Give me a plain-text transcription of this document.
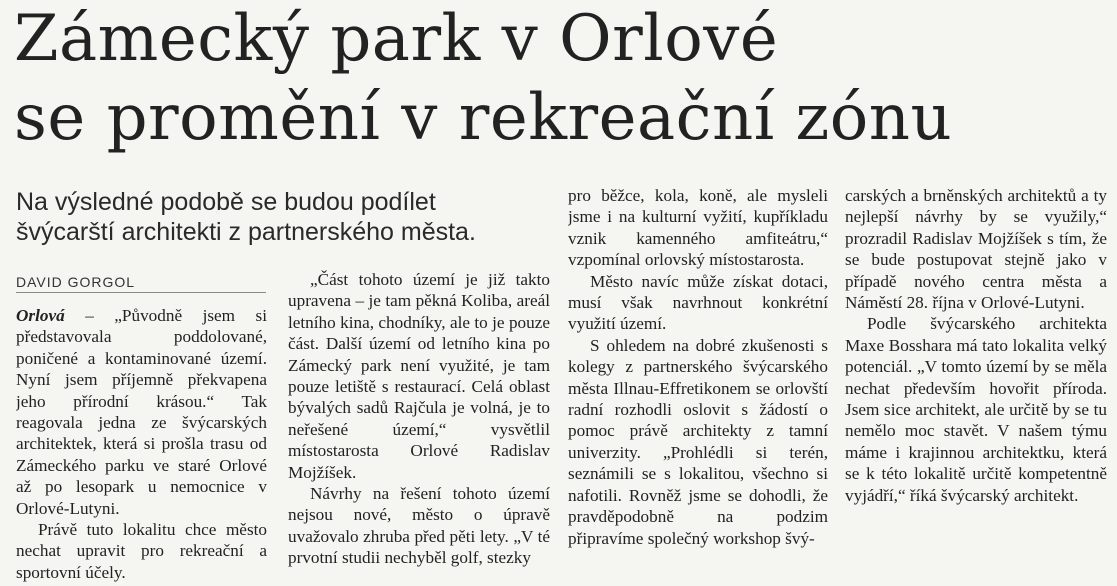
Zámecký park v Orlové
se promění v rekreační zónu
Na výsledné podobě se budou podílet
švýcarští architekti z partnerského města.
DAVID GORGOL

Orlová – „Původně jsem si představovala poddolované, poničené a kontaminované území. Nyní jsem příjemně překvapena jeho přírodní krásou.“ Tak reagovala jedna ze švýcarských architektek, která si prošla trasu od Zámeckého parku ve staré Orlové až po lesopark u nemocnice v Orlové-Lutyni.

Právě tuto lokalitu chce město nechat upravit pro rekreační a sportovní účely.

„Část tohoto území je již takto upravena – je tam pěkná Koliba, areál letního kina, chodníky, ale to je pouze část. Další území od letního kina po Zámecký park není využité, je tam pouze letiště s restaurací. Celá oblast bývalých sadů Rajčula je volná, je to neřešené území,“ vysvětlil místostarosta Orlové Radislav Mojžíšek.

Návrhy na řešení tohoto území nejsou nové, město o úpravě uvažovalo zhruba před pěti lety. „V té prvotní studii nechyběl golf, stezky

pro běžce, kola, koně, ale mysleli jsme i na kulturní vyžití, kupříkladu vznik kamenného amfiteátru,“ vzpomínal orlovský místostarosta.

Město navíc může získat dotaci, musí však navrhnout konkrétní využití území.

S ohledem na dobré zkušenosti s kolegy z partnerského švýcarského města Illnau-Effretikonem se orlovští radní rozhodli oslovit s žádostí o pomoc právě architekty z tamní univerzity. „Prohlédli si terén, seznámili se s lokalitou, všechno si nafotili. Rovněž jsme se dohodli, že pravděpodobně na podzim připravíme společný workshop švý-

carských a brněnských architektů a ty nejlepší návrhy by se využily,“ prozradil Radislav Mojžíšek s tím, že se bude postupovat stejně jako v případě nového centra města a Náměstí 28. října v Orlové-Lutyni.

Podle švýcarského architekta Maxe Bosshara má tato lokalita velký potenciál. „V tomto území by se měla nechat především hovořit příroda. Jsem sice architekt, ale určitě by se tu nemělo moc stavět. V našem týmu máme i krajinnou architektku, která se k této lokalitě určitě kompetentně vyjádří,“ říká švýcarský architekt.
